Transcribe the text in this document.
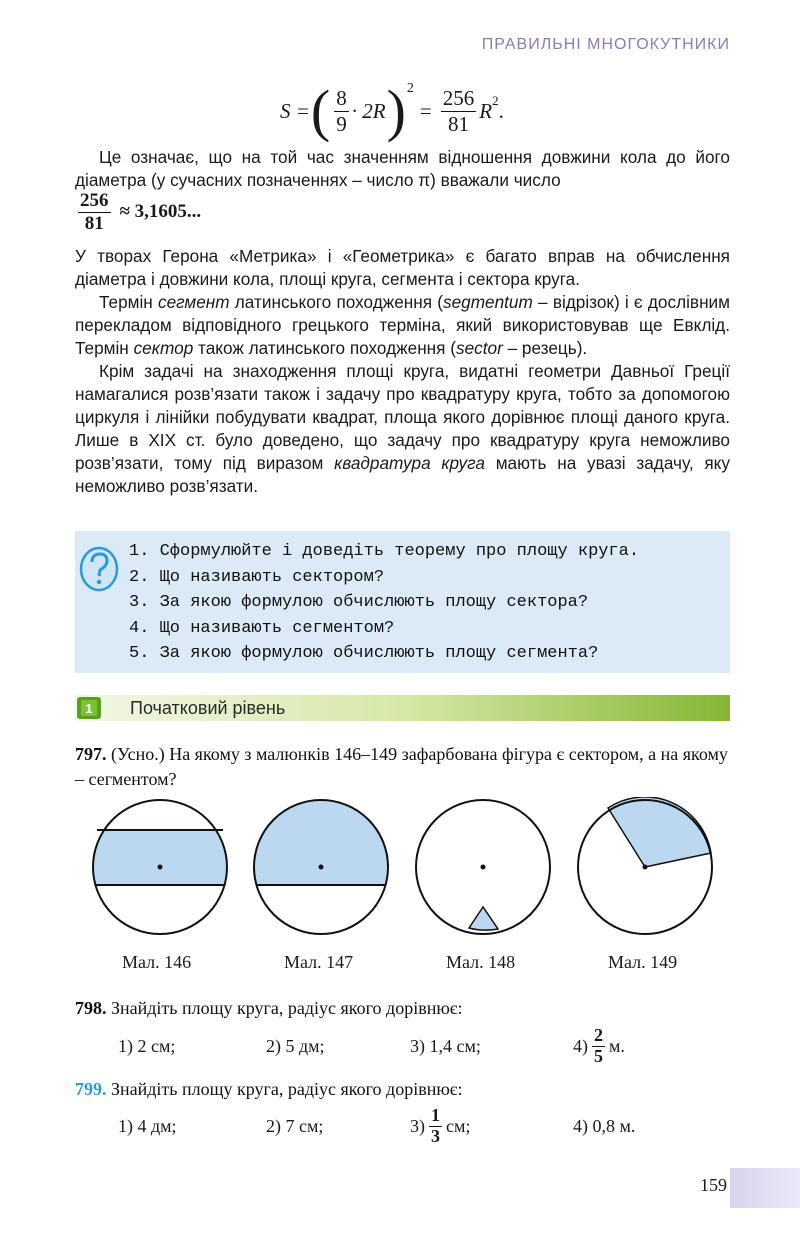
ПРАВИЛЬНІ МНОГОКУТНИКИ
S = ( $\frac{8}{9} \cdot 2R$ ) 2
= $\frac{256}{81}$ R 2 .

Це означає, що на той час значенням відношення довжини кола до його діаметра (у сучасних позначеннях – число π) вважали число

$\frac{256}{81} \approx 3,1605$...

У творах Герона «Метрика» і «Геометрика» є багато вправ на обчислення діаметра і довжини кола, площі круга, сегмента і сектора круга.

Термін сегмент латинського походження (segmentum – відрізок) і є дослівним перекладом відповідного грецького терміна, який використовував ще Евклід. Термін сектор також латинського походження (sector – резець).

Крім задачі на знаходження площі круга, видатні геометри Давньої Греції намагалися розв’язати також і задачу про квадратуру круга, тобто за допомогою циркуля і лінійки побудувати квадрат, площа якого дорівнює площі даного круга. Лише в XIX ст. було доведено, що задачу про квадратуру круга неможливо розв’язати, тому під виразом квадратура круга мають на увазі задачу, яку неможливо розв’язати.

1. Сформулюйте і доведіть теорему про площу круга.
2. Що називають сектором?
3. За якою формулою обчислюють площу сектора?
4. Що називають сегментом?
5. За якою формулою обчислюють площу сегмента?
1 Початковий рівень
797. (Усно.) На якому з малюнків 146–149 зафарбована фігура є сектором, а на якому – сегментом?
Мал. 146	Мал. 147	Мал. 148	Мал. 149
798. Знайдіть площу круга, радіус якого дорівнює:
1) 2 см;	2) 5 дм;	3) 1,4 см;	$4) \frac{2}{5} м$.
799. Знайдіть площу круга, радіус якого дорівнює:
1) 4 дм;	2) 7 см;	$3) \frac{1}{3}$ см;	4) 0,8 м.
159
